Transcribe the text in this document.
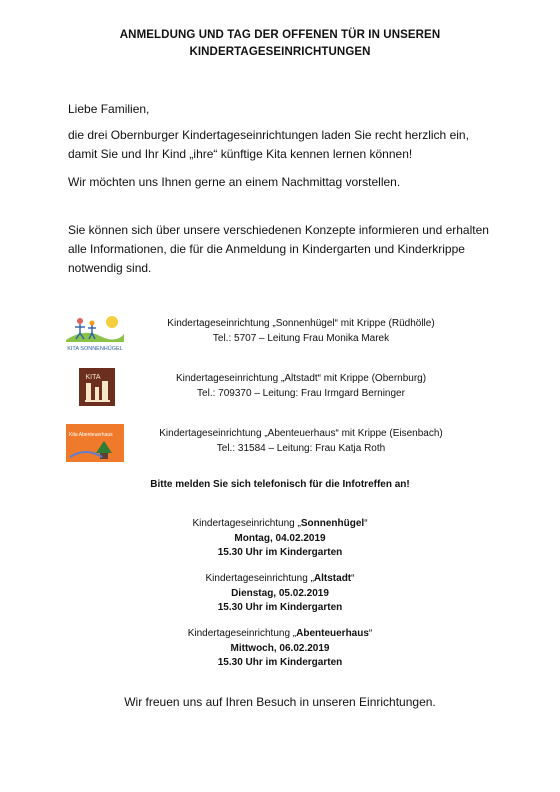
ANMELDUNG UND TAG DER OFFENEN TÜR IN UNSEREN
KINDERTAGESEINRICHTUNGEN
Liebe Familien,
die drei Obernburger Kindertageseinrichtungen laden Sie recht herzlich ein,
damit Sie und Ihr Kind „ihre“ künftige Kita kennen lernen können!
Wir möchten uns Ihnen gerne an einem Nachmittag vorstellen.
Sie können sich über unsere verschiedenen Konzepte informieren und erhalten
alle Informationen, die für die Anmeldung in Kindergarten und Kinderkrippe
notwendig sind.
KITA SONNENHÜGEL
Kindertageseinrichtung „Sonnenhügel“ mit Krippe (Rüdhölle)
Tel.: 5707 – Leitung Frau Monika Marek
KITA	Kindertageseinrichtung „Altstadt“ mit Krippe (Obernburg)
Tel.: 709370 – Leitung: Frau Irmgard Berninger
Kita Abenteuerhaus	Kindertageseinrichtung „Abenteuerhaus“ mit Krippe (Eisenbach)
Tel.: 31584 – Leitung: Frau Katja Roth
Bitte melden Sie sich telefonisch für die Infotreffen an!
Kindertageseinrichtung „Sonnenhügel“
Montag, 04.02.2019
15.30 Uhr im Kindergarten
Kindertageseinrichtung „Altstadt“
Dienstag, 05.02.2019
15.30 Uhr im Kindergarten
Kindertageseinrichtung „Abenteuerhaus“
Mittwoch, 06.02.2019
15.30 Uhr im Kindergarten
Wir freuen uns auf Ihren Besuch in unseren Einrichtungen.
